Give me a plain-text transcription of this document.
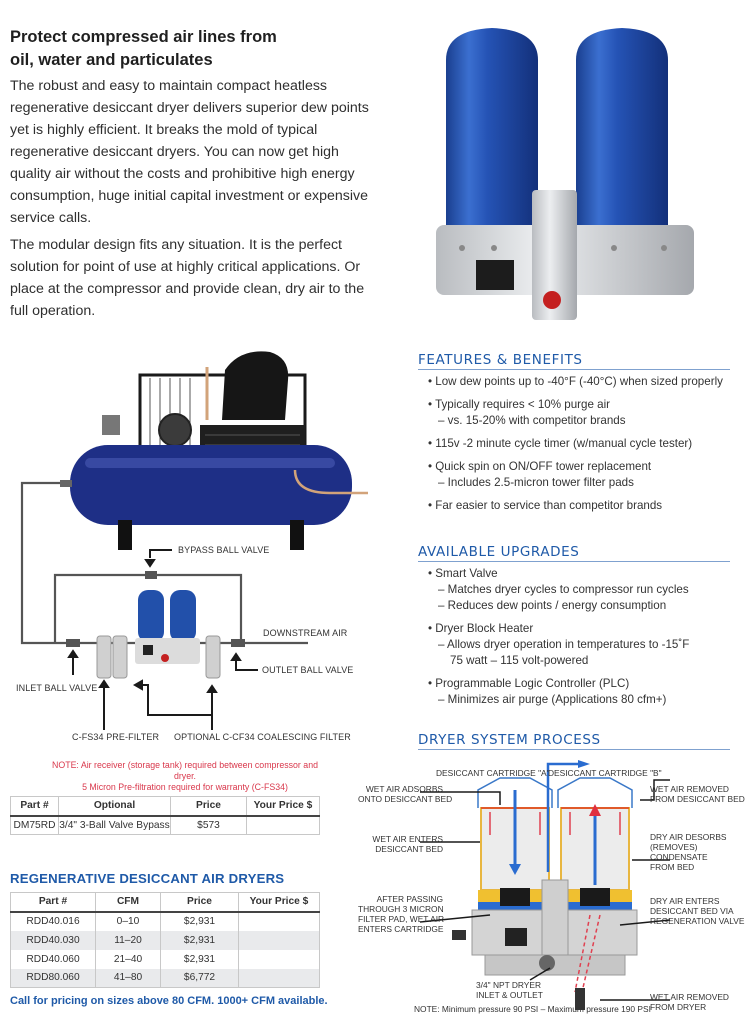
Protect compressed air lines from
oil, water and particulates

The robust and easy to maintain compact heatless regenerative desiccant dryer delivers superior dew points yet is highly efficient. It breaks the mold of typical regenerative desiccant dryers. You can now get high quality air without the costs and prohibitive high energy consumption, huge initial capital investment or expensive service calls.

The modular design fits any situation. It is the perfect solution for point of use at highly critical applications. Or place at the compressor and provide clean, dry air to the full operation.

FEATURES & BENEFITS
• Low dew points up to -40°F (-40°C) when sized properly
• Typically requires < 10% purge air
– vs. 15-20% with competitor brands
• 115v -2 minute cycle timer (w/manual cycle tester)
• Quick spin on ON/OFF tower replacement
– Includes 2.5-micron tower filter pads
• Far easier to service than competitor brands
AVAILABLE UPGRADES
• Smart Valve
– Matches dryer cycles to compressor run cycles
– Reduces dew points / energy consumption
• Dryer Block Heater
– Allows dryer operation in temperatures to -15˚F
75 watt – 115 volt-powered
• Programmable Logic Controller (PLC)
– Minimizes air purge (Applications 80 cfm+)
DRYER SYSTEM PROCESS
BYPASS BALL VALVE
DOWNSTREAM AIR
OUTLET BALL VALVE
INLET BALL VALVE
C-FS34 PRE-FILTER OPTIONAL C-CF34 COALESCING FILTER
NOTE: Air receiver (storage tank) required between compressor and dryer.
5 Micron Pre-filtration required for warranty (C-FS34)
Part #	Optional	Price	Your Price $
DM75RD	3/4" 3-Ball Valve Bypass	$573	
REGENERATIVE DESICCANT AIR DRYERS
Part #	CFM	Price	Your Price $
RDD40.016	0–10	$2,931	
RDD40.030	11–20	$2,931	
RDD40.060	21–40	$2,931	
RDD80.060	41–80	$6,772	
Call for pricing on sizes above 80 CFM. 1000+ CFM available.
DESICCANT CARTRIDGE "A"
DESICCANT CARTRIDGE "B"
WET AIR ADSORBS
ONTO DESICCANT BED
WET AIR ENTERS
DESICCANT BED
AFTER PASSING
THROUGH 3 MICRON
FILTER PAD, WET AIR
ENTERS CARTRIDGE
WET AIR REMOVED
FROM DESICCANT BED
DRY AIR DESORBS
(REMOVES)
CONDENSATE
FROM BED
DRY AIR ENTERS
DESICCANT BED VIA
REGENERATION VALVE
3/4" NPT DRYER
INLET & OUTLET	WET AIR REMOVED
FROM DRYER
NOTE: Minimum pressure 90 PSI – Maximum pressure 190 PSI
